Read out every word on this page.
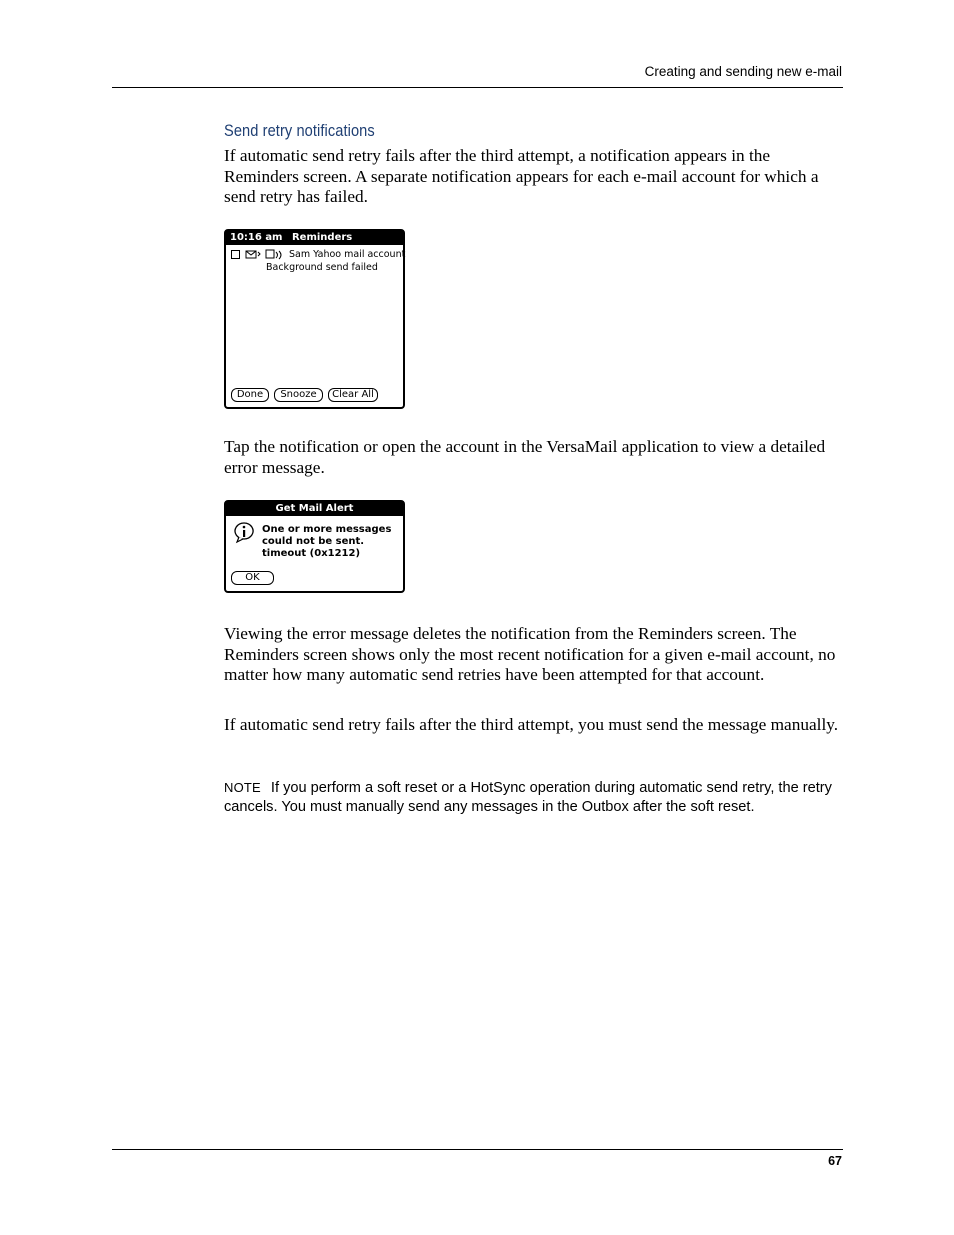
Creating and sending new e-mail
Send retry notifications
If automatic send retry fails after the third attempt, a notification appears in the Reminders screen. A separate notification appears for each e-mail account for which a send retry has failed.
10:16 am Reminders
Sam Yahoo mail account
Background send failed
Done	Snooze	Clear All
Tap the notification or open the account in the VersaMail application to view a detailed error message.
Get Mail Alert
One or more messages
could not be sent.
timeout (0x1212)
OK
Viewing the error message deletes the notification from the Reminders screen. The Reminders screen shows only the most recent notification for a given e-mail account, no matter how many automatic send retries have been attempted for that account.
If automatic send retry fails after the third attempt, you must send the message manually.
NOTE If you perform a soft reset or a HotSync operation during automatic send retry, the retry cancels. You must manually send any messages in the Outbox after the soft reset.
67
